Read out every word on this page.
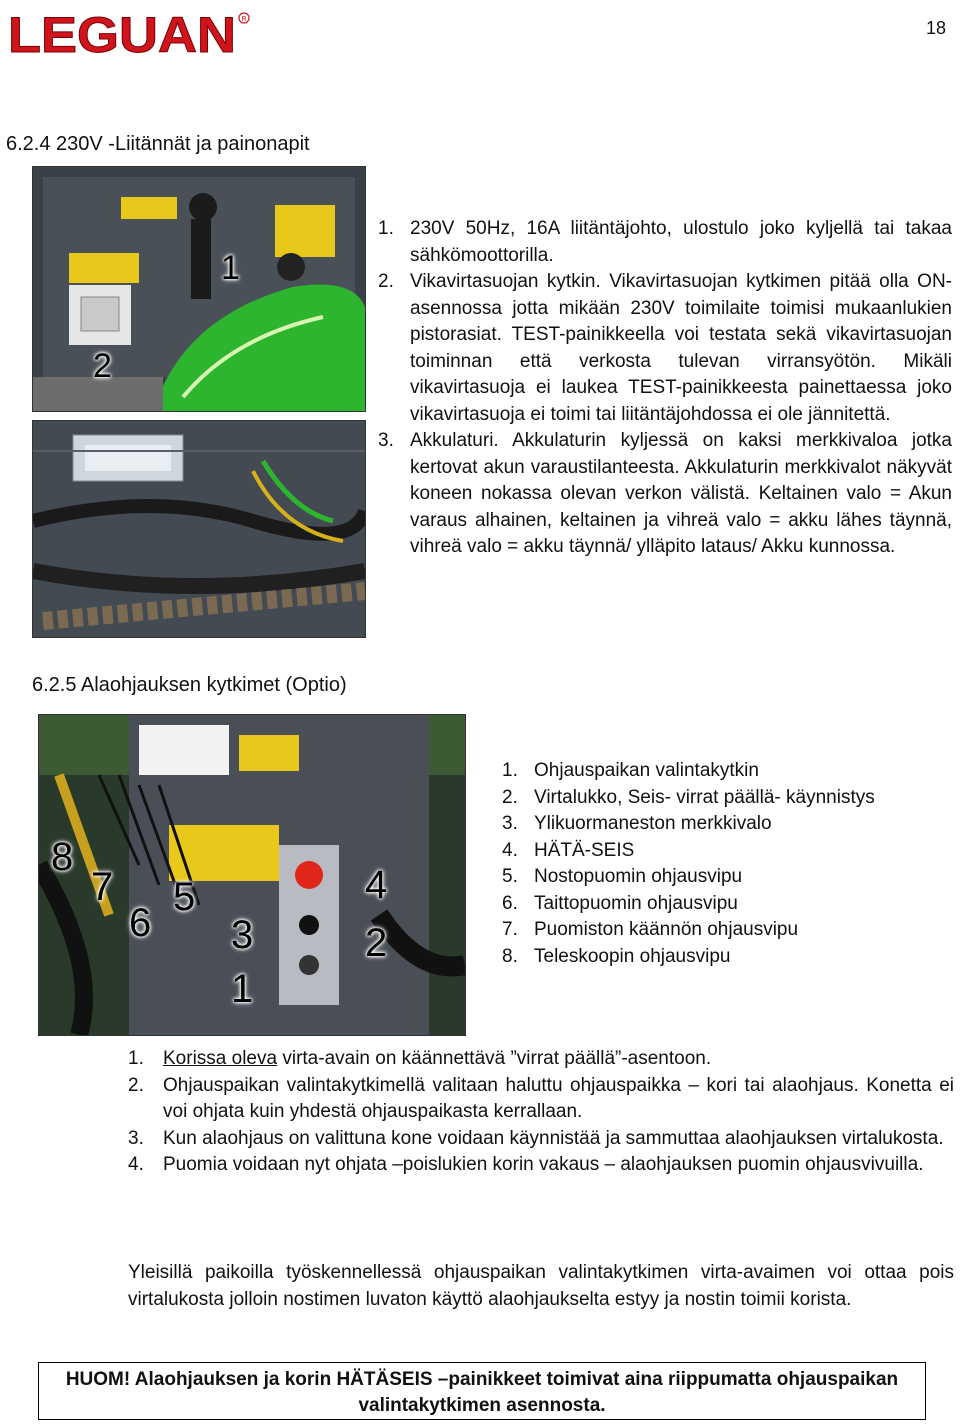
LEGUAN R	18
6.2.4 230V -Liitännät ja painonapit
1
2
1. 230V 50Hz, 16A liitäntäjohto, ulostulo joko kyljellä tai takaa sähkömoottorilla.
2. Vikavirtasuojan kytkin. Vikavirtasuojan kytkimen pitää olla ON-asennossa jotta mikään 230V toimilaite toimisi mukaanlukien pistorasiat. TEST-painikkeella voi testata sekä vikavirtasuojan toiminnan että verkosta tulevan virransyötön. Mikäli vikavirtasuoja ei laukea TEST-painikkeesta painettaessa joko vikavirtasuoja ei toimi tai liitäntäjohdossa ei ole jännitettä.
3. Akkulaturi. Akkulaturin kyljessä on kaksi merkkivaloa jotka kertovat akun varaustilanteesta. Akkulaturin merkkivalot näkyvät koneen nokassa olevan verkon välistä. Keltainen valo = Akun varaus alhainen, keltainen ja vihreä valo = akku lähes täynnä, vihreä valo = akku täynnä/ ylläpito lataus/ Akku kunnossa.
6.2.5 Alaohjauksen kytkimet (Optio)
8
7
6
5
3
1
4
2
1. Ohjauspaikan valintakytkin
2. Virtalukko, Seis- virrat päällä- käynnistys
3. Ylikuormaneston merkkivalo
4. HÄTÄ-SEIS
5. Nostopuomin ohjausvipu
6. Taittopuomin ohjausvipu
7. Puomiston käännön ohjausvipu
8. Teleskoopin ohjausvipu
1. Korissa oleva virta-avain on käännettävä ”virrat päällä”-asentoon.
2. Ohjauspaikan valintakytkimellä valitaan haluttu ohjauspaikka – kori tai alaohjaus. Konetta ei voi ohjata kuin yhdestä ohjauspaikasta kerrallaan.
3. Kun alaohjaus on valittuna kone voidaan käynnistää ja sammuttaa alaohjauksen virtalukosta.
4. Puomia voidaan nyt ohjata –poislukien korin vakaus – alaohjauksen puomin ohjausvivuilla.
Yleisillä paikoilla työskennellessä ohjauspaikan valintakytkimen virta-avaimen voi ottaa pois virtalukosta jolloin nostimen luvaton käyttö alaohjaukselta estyy ja nostin toimii korista.
HUOM! Alaohjauksen ja korin HÄTÄSEIS –painikkeet toimivat aina riippumatta ohjauspaikan valintakytkimen asennosta.
